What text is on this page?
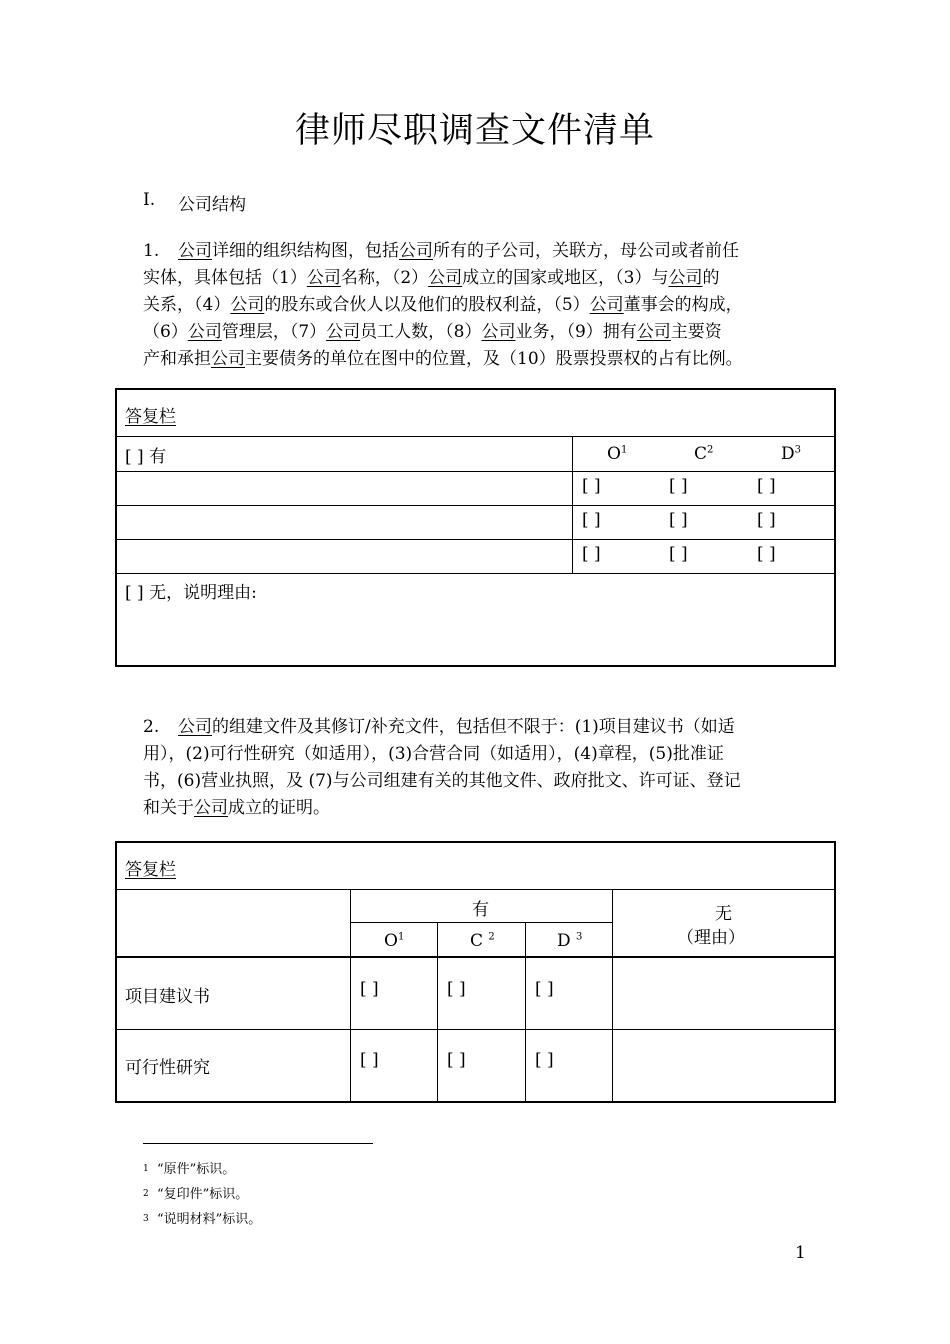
律师尽职调查文件清单
I. 公司结构
1. 公司详细的组织结构图，包括公司所有的子公司，关联方，母公司或者前任
实体，具体包括（1）公司名称，（2）公司成立的国家或地区，（3）与公司的
关系，（4）公司的股东或合伙人以及他们的股权利益，（5）公司董事会的构成，
（6）公司管理层，（7）公司员工人数，（8）公司业务，（9）拥有公司主要资
产和承担公司主要债务的单位在图中的位置，及（10）股票投票权的占有比例。
答复栏
[ ] 有	$O^1$	$C^2$	$D^3$
[ ]	[ ]	[ ]
[ ]	[ ]	[ ]
[ ]	[ ]	[ ]
[ ] 无，说明理由:
2. 公司的组建文件及其修订/补充文件，包括但不限于：(1)项目建议书（如适
用），(2)可行性研究（如适用），(3)合营合同（如适用），(4)章程，(5)批准证
书，(6)营业执照，及 (7)与公司组建有关的其他文件、政府批文、许可证、登记
和关于公司成立的证明。
答复栏
有	无
（理由）
$O^1$	C $^2$	D $^3$
项目建议书	[ ]	[ ]	[ ]
可行性研究	[ ]	[ ]	[ ]
1 “原件”标识。
2 “复印件”标识。
3 “说明材料”标识。
1
